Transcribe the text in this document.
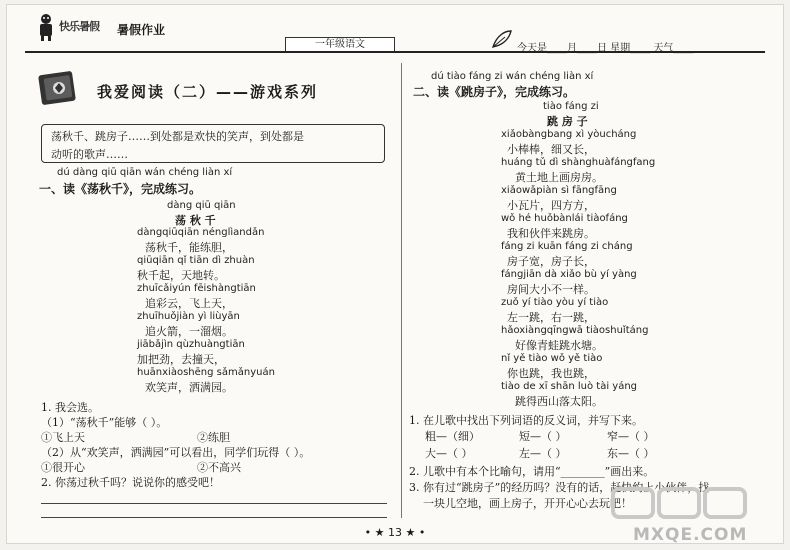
快乐暑假 暑假作业
一年级语文	今天是____月____日 星期____ 天气____
我爱阅读（二）——游戏系列
荡秋千、跳房子……到处都是欢快的笑声，到处都是
动听的歌声……
dú dàng qiū qiān wán chéng liàn xí
一、读《荡秋千》，完成练习。
dàng qiū qiān
荡 秋 千
dàngqiūqiān nénglìandǎn
荡秋千，能练胆，
qiūqiān qǐ tiān dì zhuàn
秋千起，天地转。
zhuīcǎiyún fēishàngtiān
追彩云，飞上天，
zhuīhuǒjiàn yì liùyān
追火箭，一溜烟。
jiābǎjìn qùzhuàngtiān
加把劲，去撞天，
huānxiàoshēng sǎmǎnyuán
欢笑声，洒满园。
1. 我会选。
（1）“荡秋千”能够（ ）。
①飞上天	②练胆
（2）从“欢笑声，洒满园”可以看出，同学们玩得（ ）。
①很开心	②不高兴
2. 你荡过秋千吗？说说你的感受吧！
dú tiào fáng zi wán chéng liàn xí
二、读《跳房子》，完成练习。
tiào fáng zi
跳 房 子
xiǎobàngbang xì yòucháng
小棒棒，细又长，
huáng tǔ dì shànghuàfángfang
黄土地上画房房。
xiǎowǎpiàn sì fāngfāng
小瓦片，四方方，
wǒ hé huǒbànlái tiàofáng
我和伙伴来跳房。
fáng zi kuān fáng zi cháng
房子宽，房子长，
fángjiān dà xiǎo bù yí yàng
房间大小不一样。
zuǒ yí tiào yòu yí tiào
左一跳，右一跳，
hǎoxiàngqīngwā tiàoshuǐtáng
好像青蛙跳水塘。
nǐ yě tiào wǒ yě tiào
你也跳，我也跳，
tiào de xī shān luò tài yáng
跳得西山落太阳。
1. 在儿歌中找出下列词语的反义词，并写下来。
粗—（细）	短—（ ）	窄—（ ）
大—（ ）	左—（ ）	东—（ ）
2. 儿歌中有本个比喻句，请用“________”画出来。
3. 你有过“跳房子”的经历吗？没有的话，赶快约上小伙伴，找
一块儿空地，画上房子，开开心心去玩吧！
• ★ 13 ★ •	MXQE.COM
